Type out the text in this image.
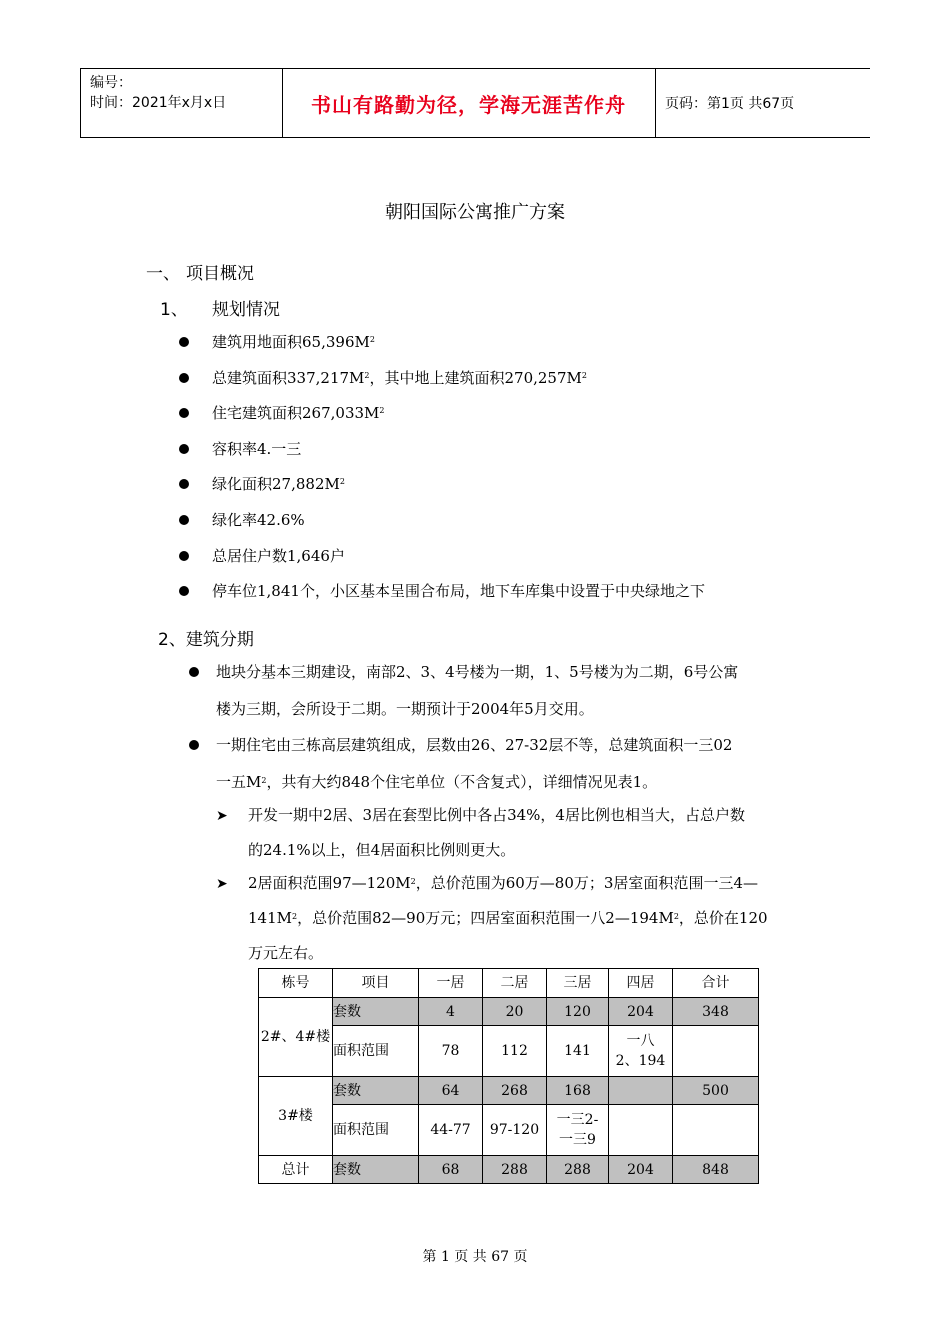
编号：
时间：2021年x月x日	书山有路勤为径，学海无涯苦作舟	页码：第1页 共67页
朝阳国际公寓推广方案
一、 项目概况
1、 规划情况
建筑用地面积$65,396M^2$
总建筑面积$337,217M^2$，其中地上建筑面积$270,257M^2$
住宅建筑面积$267,033M^2$
容积率4.一三
绿化面积$27,882M^2$
绿化率42.6%
总居住户数1,646户
停车位1,841个，小区基本呈围合布局，地下车库集中设置于中央绿地之下
2、建筑分期
地块分基本三期建设，南部2、3、4号楼为一期，1、5号楼为为二期，6号公寓
楼为三期，会所设于二期。一期预计于2004年5月交用。
一期住宅由三栋高层建筑组成，层数由26、27-32层不等，总建筑面积一三02
一五$M^2$，共有大约848个住宅单位（不含复式），详细情况见表1。
➤ 开发一期中2居、3居在套型比例中各占34%，4居比例也相当大，占总户数
的24.1%以上，但4居面积比例则更大。
➤ 2居面积范围$97—120M^2$，总价范围为60万—80万；3居室面积范围一三4—
$141M^2$，总价范围82—90万元；四居室面积范围一八$2—194M^2$，总价在120
万元左右。
栋号	项目	一居	二居	三居	四居	合计
2#、4#楼	套数	4	20	120	204	348
	面积范围	78	112	141	一八
2、194	

3#楼	套数	64	268	168		500
	面积范围	44-77	97-120	一三2-
一三9		

总计	套数	68	288	288	204	848
第 1 页 共 67 页
